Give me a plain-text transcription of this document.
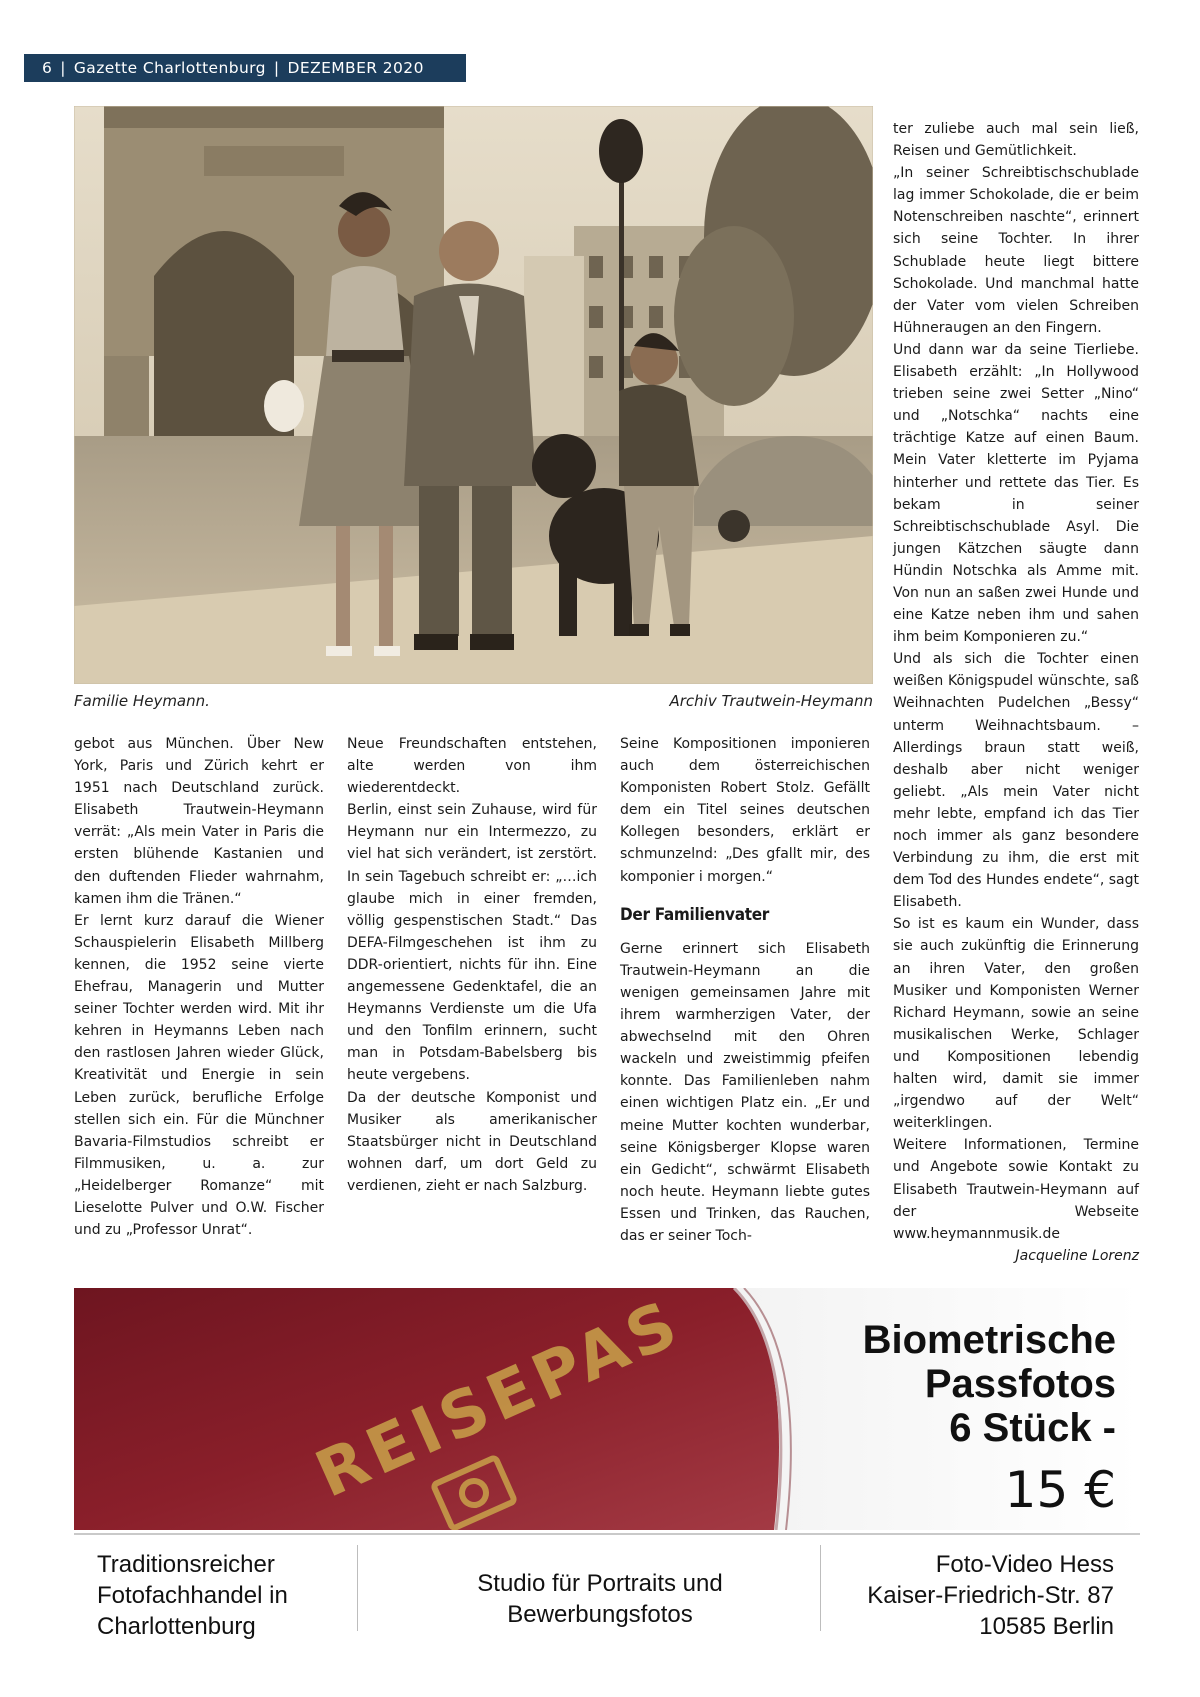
6 | Gazette Charlottenburg | DEZEMBER 2020
Familie Heymann.	Archiv Trautwein-Heymann

gebot aus München. Über New York, Paris und Zürich kehrt er 1951 nach Deutschland zurück. Elisabeth Trautwein-Heymann verrät: „Als mein Vater in Paris die ersten blühende Kastanien und den duftenden Flieder wahrnahm, kamen ihm die Tränen.“

Er lernt kurz darauf die Wiener Schauspielerin Elisabeth Millberg kennen, die 1952 seine vierte Ehefrau, Managerin und Mutter seiner Tochter werden wird. Mit ihr kehren in Heymanns Leben nach den rastlosen Jahren wieder Glück, Kreativität und Energie in sein Leben zurück, berufliche Erfolge stellen sich ein. Für die Münchner Bavaria-Filmstudios schreibt er Filmmusiken, u. a. zur „Heidelberger Romanze“ mit Lieselotte Pulver und O.W. Fischer und zu „Professor Unrat“.

Neue Freundschaften entstehen, alte werden von ihm wiederentdeckt.

Berlin, einst sein Zuhause, wird für Heymann nur ein Intermezzo, zu viel hat sich verändert, ist zerstört. In sein Tagebuch schreibt er: „…ich glaube mich in einer fremden, völlig gespenstischen Stadt.“ Das DEFA-Filmgeschehen ist ihm zu DDR-orientiert, nichts für ihn. Eine angemessene Gedenktafel, die an Heymanns Verdienste um die Ufa und den Tonfilm erinnern, sucht man in Potsdam-Babelsberg bis heute vergebens.

Da der deutsche Komponist und Musiker als amerikanischer Staatsbürger nicht in Deutschland wohnen darf, um dort Geld zu verdienen, zieht er nach Salzburg.

Seine Kompositionen imponieren auch dem österreichischen Komponisten Robert Stolz. Gefällt dem ein Titel seines deutschen Kollegen besonders, erklärt er schmunzelnd: „Des gfallt mir, des komponier i morgen.“

Der Familienvater

Gerne erinnert sich Elisabeth Trautwein-Heymann an die wenigen gemeinsamen Jahre mit ihrem warmherzigen Vater, der abwechselnd mit den Ohren wackeln und zweistimmig pfeifen konnte. Das Familienleben nahm einen wichtigen Platz ein. „Er und meine Mutter kochten wunderbar, seine Königsberger Klopse waren ein Gedicht“, schwärmt Elisabeth noch heute. Heymann liebte gutes Essen und Trinken, das Rauchen, das er seiner Toch-

ter zuliebe auch mal sein ließ, Reisen und Gemütlichkeit.

„In seiner Schreibtischschublade lag immer Schokolade, die er beim Notenschreiben naschte“, erinnert sich seine Tochter. In ihrer Schublade heute liegt bittere Schokolade. Und manchmal hatte der Vater vom vielen Schreiben Hühneraugen an den Fingern.

Und dann war da seine Tierliebe. Elisabeth erzählt: „In Hollywood trieben seine zwei Setter „Nino“ und „Notschka“ nachts eine trächtige Katze auf einen Baum. Mein Vater kletterte im Pyjama hinterher und rettete das Tier. Es bekam in seiner Schreibtischschublade Asyl. Die jungen Kätzchen säugte dann Hündin Notschka als Amme mit. Von nun an saßen zwei Hunde und eine Katze neben ihm und sahen ihm beim Komponieren zu.“

Und als sich die Tochter einen weißen Königspudel wünschte, saß Weihnachten Pudelchen „Bessy“ unterm Weihnachtsbaum. – Allerdings braun statt weiß, deshalb aber nicht weniger geliebt. „Als mein Vater nicht mehr lebte, empfand ich das Tier noch immer als ganz besondere Verbindung zu ihm, die erst mit dem Tod des Hundes endete“, sagt Elisabeth.

So ist es kaum ein Wunder, dass sie auch zukünftig die Erinnerung an ihren Vater, den großen Musiker und Komponisten Werner Richard Heymann, sowie an seine musikalischen Werke, Schlager und Kompositionen lebendig halten wird, damit sie immer „irgendwo auf der Welt“ weiterklingen.

Weitere Informationen, Termine und Angebote sowie Kontakt zu Elisabeth Trautwein-Heymann auf der Webseite www.heymannmusik.de

Jacqueline Lorenz

REISEPAS	Biometrische
Passfotos
6 Stück -
15 €
Traditionsreicher
Fotofachhandel in
Charlottenburg
Studio für Portraits und
Bewerbungsfotos
Foto-Video Hess
Kaiser-Friedrich-Str. 87
10585 Berlin
